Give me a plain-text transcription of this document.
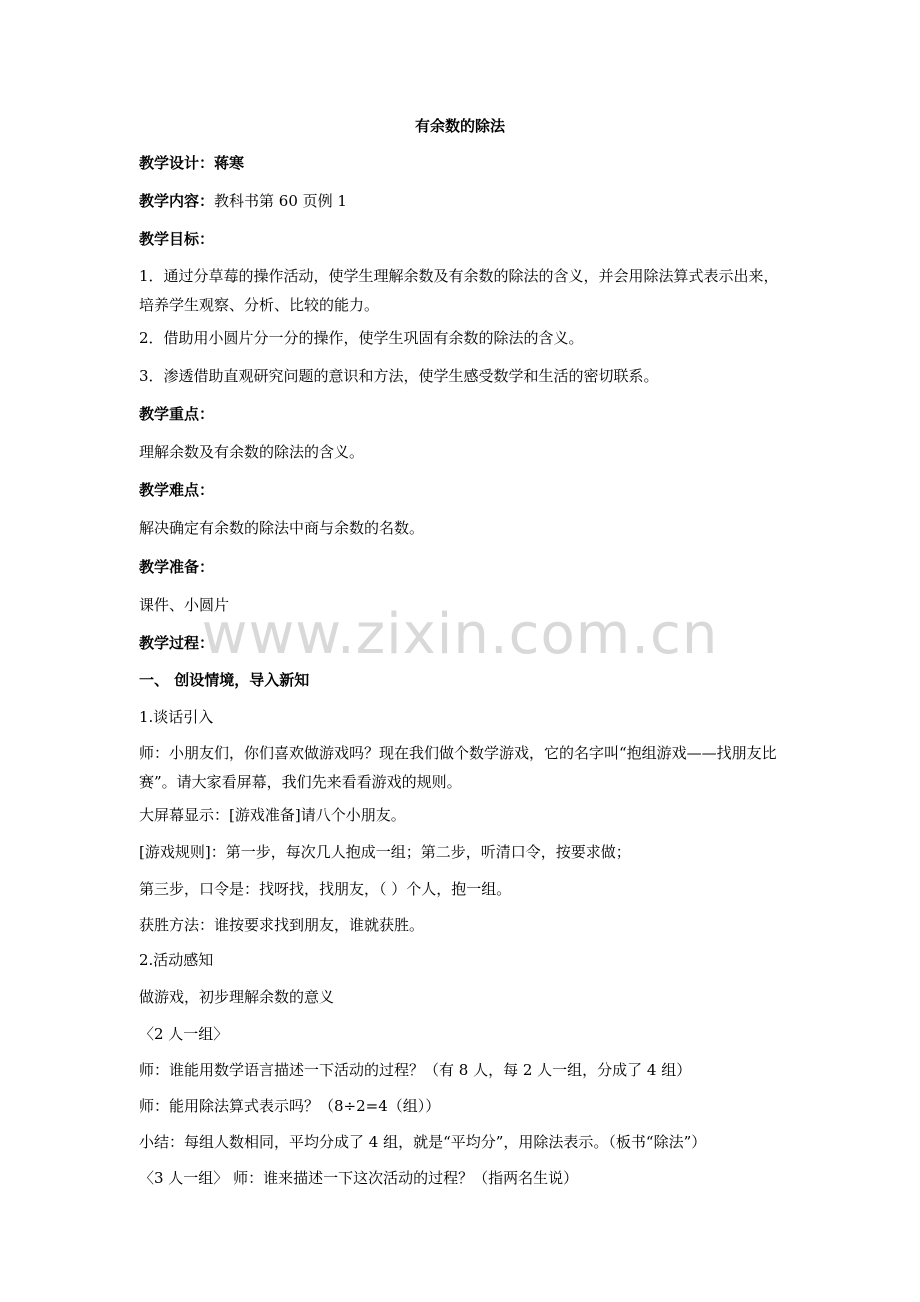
有余数的除法
教学设计：蒋寒
教学内容：教科书第 60 页例 1
教学目标：
1．通过分草莓的操作活动，使学生理解余数及有余数的除法的含义，并会用除法算式表示出来，培养学生观察、分析、比较的能力。
2．借助用小圆片分一分的操作，使学生巩固有余数的除法的含义。
3．渗透借助直观研究问题的意识和方法，使学生感受数学和生活的密切联系。
教学重点：
理解余数及有余数的除法的含义。
教学难点：
解决确定有余数的除法中商与余数的名数。
教学准备：
课件、小圆片
教学过程：
一、 创设情境，导入新知
1.谈话引入
师：小朋友们，你们喜欢做游戏吗？现在我们做个数学游戏，它的名字叫“抱组游戏——找朋友比赛”。请大家看屏幕，我们先来看看游戏的规则。
大屏幕显示：[游戏准备]请八个小朋友。
[游戏规则]：第一步，每次几人抱成一组；第二步，听清口令，按要求做；
第三步，口令是：找呀找，找朋友，（ ）个人，抱一组。
获胜方法：谁按要求找到朋友，谁就获胜。
2.活动感知
做游戏，初步理解余数的意义
〈2 人一组〉
师：谁能用数学语言描述一下活动的过程？（有 8 人，每 2 人一组，分成了 4 组）
师：能用除法算式表示吗？（8÷2=4（组））
小结：每组人数相同，平均分成了 4 组，就是“平均分”，用除法表示。（板书“除法”）
〈3 人一组〉 师：谁来描述一下这次活动的过程？（指两名生说）
www.zixin.com.cn
